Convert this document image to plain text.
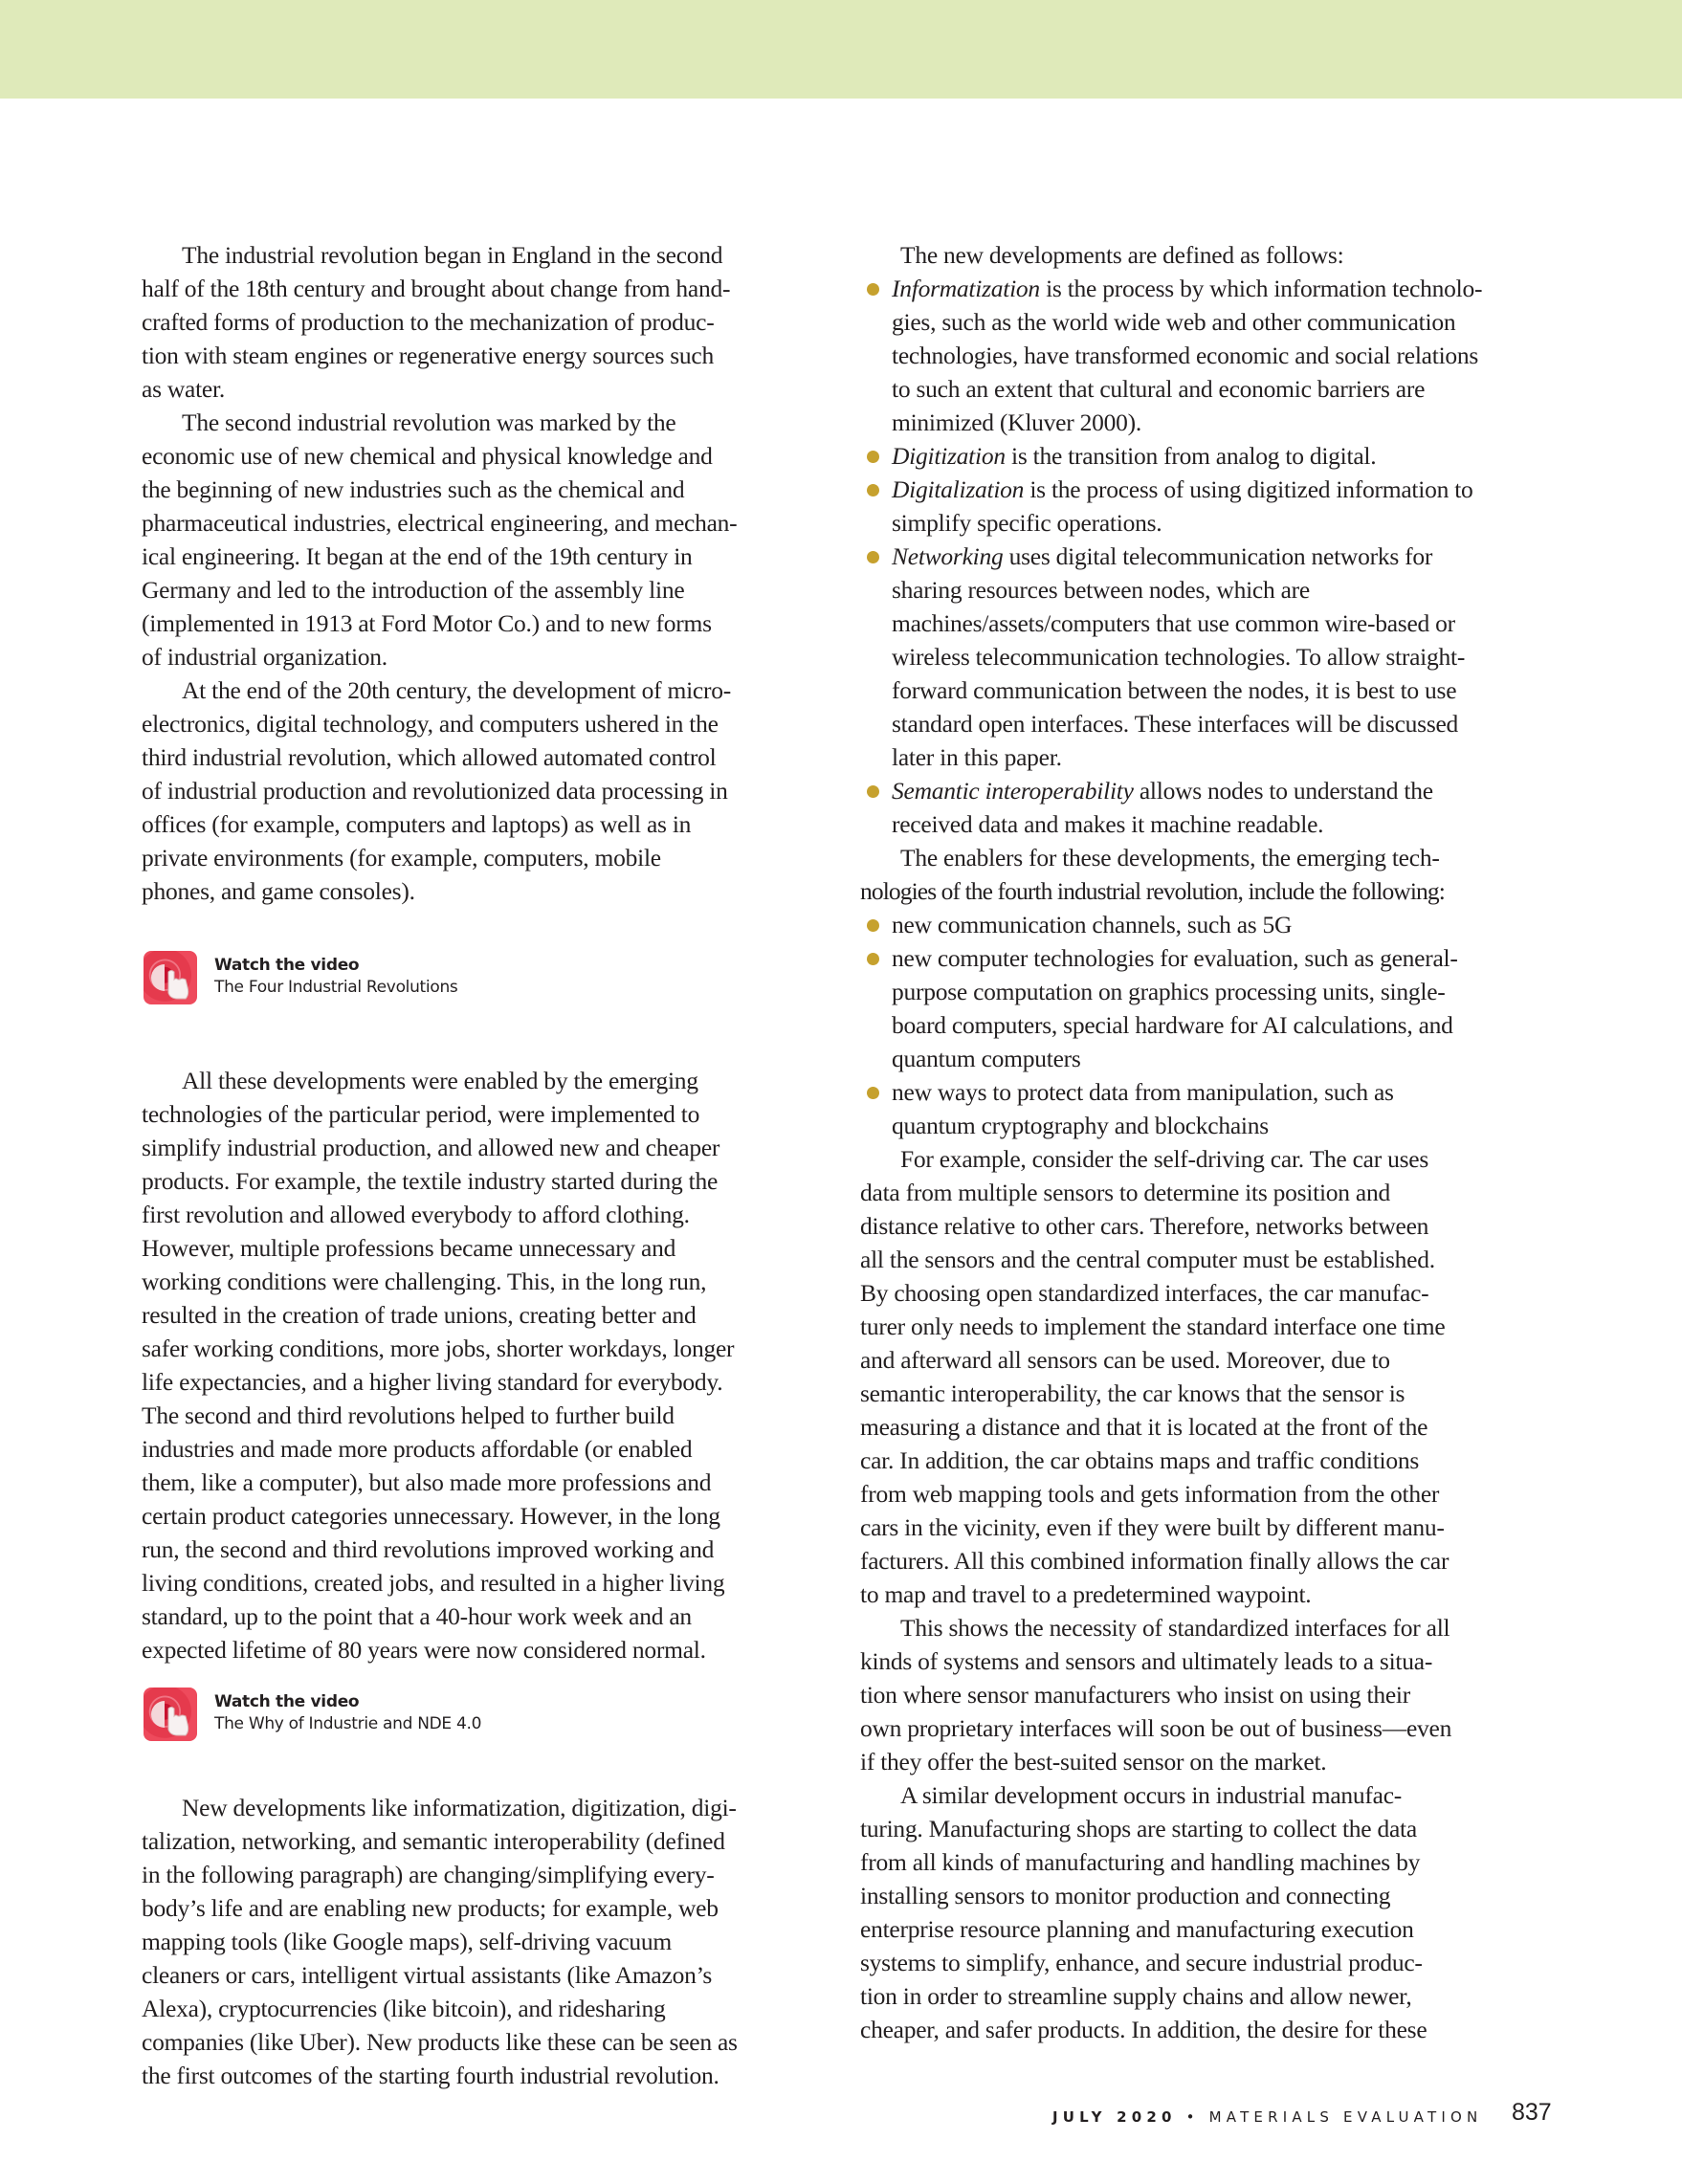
The industrial revolution began in England in the second
half of the 18th century and brought about change from hand-
crafted forms of production to the mechanization of produc-
tion with steam engines or regenerative energy sources such
as water.
The second industrial revolution was marked by the
economic use of new chemical and physical knowledge and
the beginning of new industries such as the chemical and
pharmaceutical industries, electrical engineering, and mechan-
ical engineering. It began at the end of the 19th century in
Germany and led to the introduction of the assembly line
(implemented in 1913 at Ford Motor Co.) and to new forms
of industrial organization.
At the end of the 20th century, the development of micro-
electronics, digital technology, and computers ushered in the
third industrial revolution, which allowed automated control
of industrial production and revolutionized data processing in
offices (for example, computers and laptops) as well as in
private environments (for example, computers, mobile
phones, and game consoles).
Watch the video
The Four Industrial Revolutions
All these developments were enabled by the emerging
technologies of the particular period, were implemented to
simplify industrial production, and allowed new and cheaper
products. For example, the textile industry started during the
first revolution and allowed everybody to afford clothing.
However, multiple professions became unnecessary and
working conditions were challenging. This, in the long run,
resulted in the creation of trade unions, creating better and
safer working conditions, more jobs, shorter workdays, longer
life expectancies, and a higher living standard for everybody.
The second and third revolutions helped to further build
industries and made more products affordable (or enabled
them, like a computer), but also made more professions and
certain product categories unnecessary. However, in the long
run, the second and third revolutions improved working and
living conditions, created jobs, and resulted in a higher living
standard, up to the point that a 40-hour work week and an
expected lifetime of 80 years were now considered normal.
Watch the video
The Why of Industrie and NDE 4.0
New developments like informatization, digitization, digi-
talization, networking, and semantic interoperability (defined
in the following paragraph) are changing/simplifying every-
body’s life and are enabling new products; for example, web
mapping tools (like Google maps), self-driving vacuum
cleaners or cars, intelligent virtual assistants (like Amazon’s
Alexa), cryptocurrencies (like bitcoin), and ridesharing
companies (like Uber). New products like these can be seen as
the first outcomes of the starting fourth industrial revolution.
The new developments are defined as follows:
Informatization is the process by which information technolo-
gies, such as the world wide web and other communication
technologies, have transformed economic and social relations
to such an extent that cultural and economic barriers are
minimized (Kluver 2000).
Digitization is the transition from analog to digital.
Digitalization is the process of using digitized information to
simplify specific operations.
Networking uses digital telecommunication networks for
sharing resources between nodes, which are
machines/assets/computers that use common wire-based or
wireless telecommunication technologies. To allow straight-
forward communication between the nodes, it is best to use
standard open interfaces. These interfaces will be discussed
later in this paper.
Semantic interoperability allows nodes to understand the
received data and makes it machine readable.
The enablers for these developments, the emerging tech-
nologies of the fourth industrial revolution, include the following:
new communication channels, such as 5G
new computer technologies for evaluation, such as general-
purpose computation on graphics processing units, single-
board computers, special hardware for AI calculations, and
quantum computers
new ways to protect data from manipulation, such as
quantum cryptography and blockchains
For example, consider the self-driving car. The car uses
data from multiple sensors to determine its position and
distance relative to other cars. Therefore, networks between
all the sensors and the central computer must be established.
By choosing open standardized interfaces, the car manufac-
turer only needs to implement the standard interface one time
and afterward all sensors can be used. Moreover, due to
semantic interoperability, the car knows that the sensor is
measuring a distance and that it is located at the front of the
car. In addition, the car obtains maps and traffic conditions
from web mapping tools and gets information from the other
cars in the vicinity, even if they were built by different manu-
facturers. All this combined information finally allows the car
to map and travel to a predetermined waypoint.
This shows the necessity of standardized interfaces for all
kinds of systems and sensors and ultimately leads to a situa-
tion where sensor manufacturers who insist on using their
own proprietary interfaces will soon be out of business—even
if they offer the best-suited sensor on the market.
A similar development occurs in industrial manufac-
turing. Manufacturing shops are starting to collect the data
from all kinds of manufacturing and handling machines by
installing sensors to monitor production and connecting
enterprise resource planning and manufacturing execution
systems to simplify, enhance, and secure industrial produc-
tion in order to streamline supply chains and allow newer,
cheaper, and safer products. In addition, the desire for these
JULY 2020 • MATERIALS EVALUATION 837
